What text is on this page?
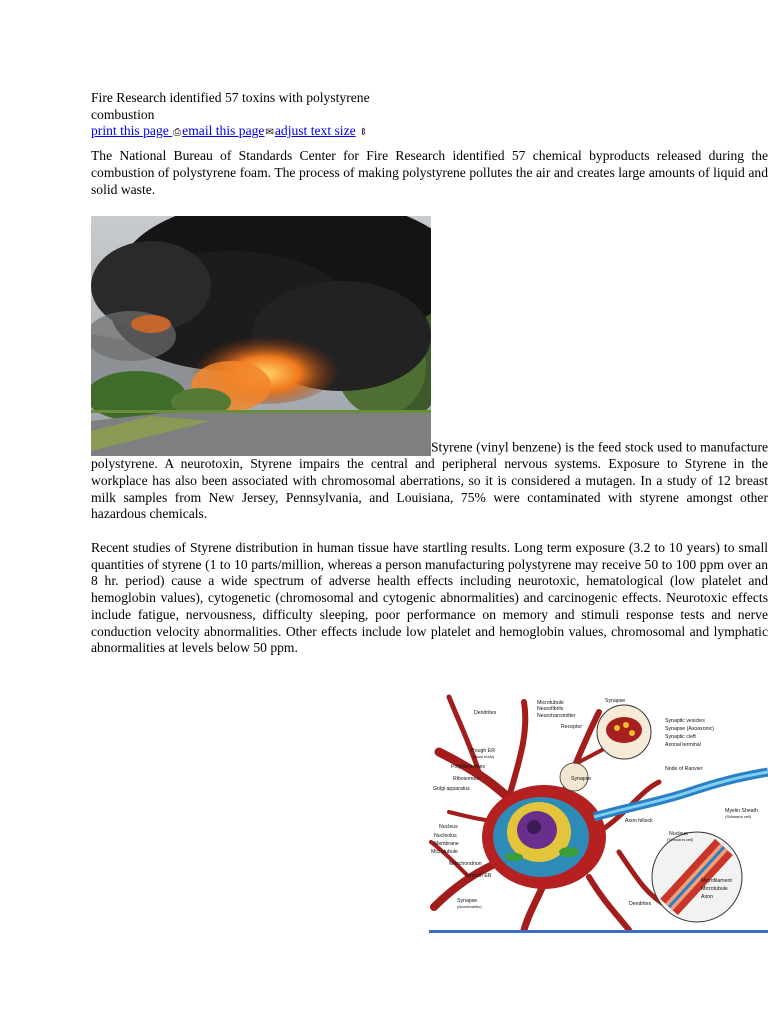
Fire Research identified 57 toxins with polystyrene combustion
print this page ⎙email this page✉adjust text size ⇕

The National Bureau of Standards Center for Fire Research identified 57 chemical byproducts released during the combustion of polystyrene foam. The process of making polystyrene pollutes the air and creates large amounts of liquid and solid waste.

Styrene (vinyl benzene) is the feed stock used to manufacture polystyrene. A neurotoxin, Styrene impairs the central and peripheral nervous systems. Exposure to Styrene in the workplace has also been associated with chromosomal aberrations, so it is considered a mutagen. In a study of 12 breast milk samples from New Jersey, Pennsylvania, and Louisiana, 75% were contaminated with styrene amongst other hazardous chemicals.

Recent studies of Styrene distribution in human tissue have startling results. Long term exposure (3.2 to 10 years) to small quantities of styrene (1 to 10 parts/million, whereas a person manufacturing polystyrene may receive 50 to 100 ppm over an 8 hr. period) cause a wide spectrum of adverse health effects including neurotoxic, hematological (low platelet and hemoglobin values), cytogenetic (chromosomal and cytogenic abnormalities) and carcinogenic effects. Neurotoxic effects include fatigue, nervousness, difficulty sleeping, poor performance on memory and stimuli response tests and nerve conduction velocity abnormalities. Other effects include low platelet and hemoglobin values, chromosomal and lymphatic abnormalities at levels below 50 ppm.

Dendrites
Microtubule
Neurofibrils
Neurotransmitter
Receptor
Synapse
Synaptic vesicles
Synapse (Axoaxonic)
Synaptic cleft
Axonal terminal
Rough ER
(Nissl body)
Polyribosomes
Ribosomes
Golgi apparatus
Synapse
Node of Ranvier
Myelin Sheath
(Schwann cell)
Axon hillock
Nucleus
Nucleolus
Membrane
Microtubule
Mitochondrion
Smooth ER
Synapse
(Axodendritic)	Dendrites
Nucleus
(Schwann cell)
Microfilament
Microtubule
Axon
